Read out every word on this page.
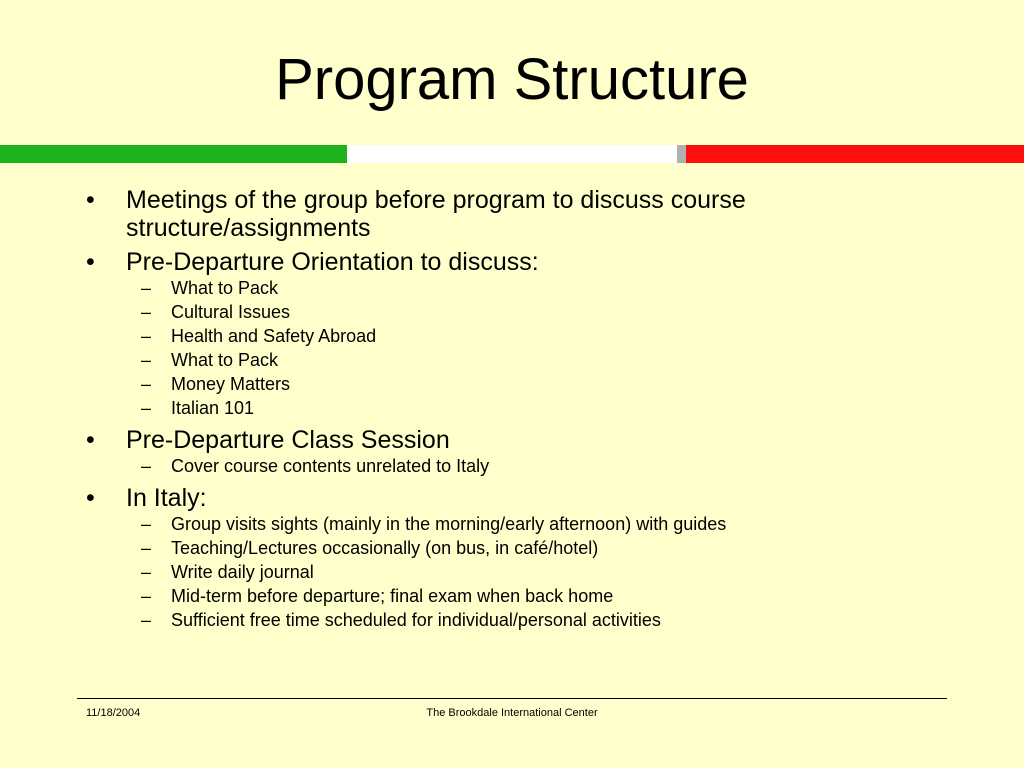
Program Structure
• Meetings of the group before program to discuss course structure/assignments
• Pre-Departure Orientation to discuss:
– What to Pack
– Cultural Issues
– Health and Safety Abroad
– What to Pack
– Money Matters
– Italian 101
• Pre-Departure Class Session
– Cover course contents unrelated to Italy
• In Italy:
– Group visits sights (mainly in the morning/early afternoon) with guides
– Teaching/Lectures occasionally (on bus, in café/hotel)
– Write daily journal
– Mid-term before departure; final exam when back home
– Sufficient free time scheduled for individual/personal activities
11/18/2004	The Brookdale International Center
